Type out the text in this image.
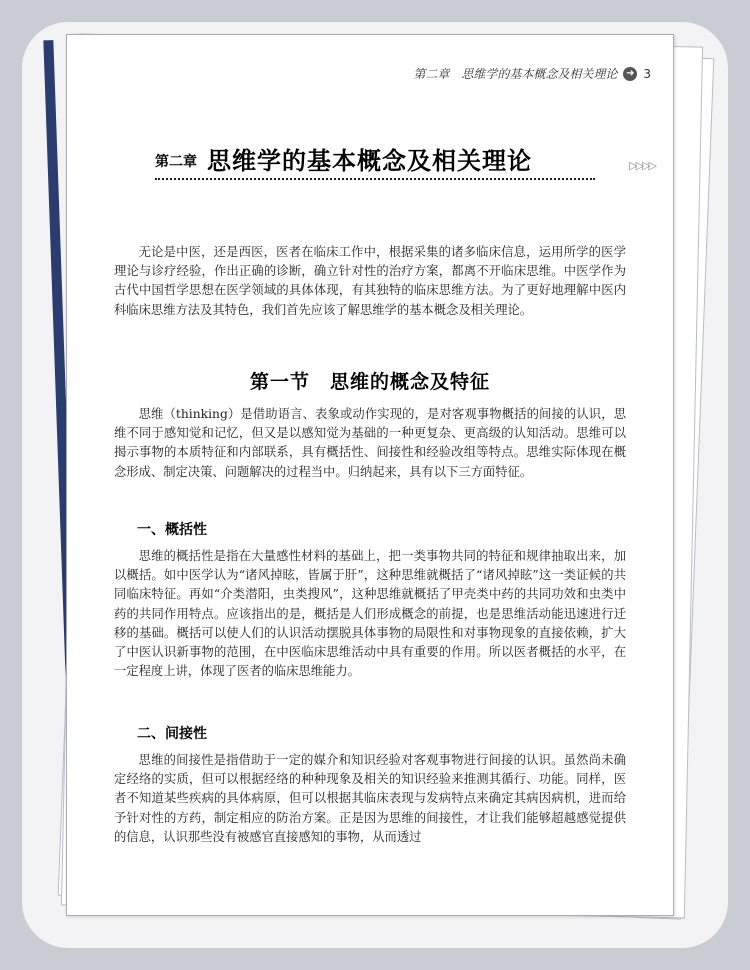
第二章　思维学的基本概念及相关理论 ➜ 3
第二章 思维学的基本概念及相关理论	▷▷▷▷
无论是中医，还是西医，医者在临床工作中，根据采集的诸多临床信息，运用所学的医学理论与诊疗经验，作出正确的诊断，确立针对性的治疗方案，都离不开临床思维。中医学作为古代中国哲学思想在医学领域的具体体现，有其独特的临床思维方法。为了更好地理解中医内科临床思维方法及其特色，我们首先应该了解思维学的基本概念及相关理论。
第一节　思维的概念及特征
思维（thinking）是借助语言、表象或动作实现的，是对客观事物概括的间接的认识，思维不同于感知觉和记忆，但又是以感知觉为基础的一种更复杂、更高级的认知活动。思维可以揭示事物的本质特征和内部联系，具有概括性、间接性和经验改组等特点。思维实际体现在概念形成、制定决策、问题解决的过程当中。归纳起来，具有以下三方面特征。
一、概括性
思维的概括性是指在大量感性材料的基础上，把一类事物共同的特征和规律抽取出来，加以概括。如中医学认为“诸风掉眩，皆属于肝”，这种思维就概括了“诸风掉眩”这一类证候的共同临床特征。再如“介类潜阳，虫类搜风”，这种思维就概括了甲壳类中药的共同功效和虫类中药的共同作用特点。应该指出的是，概括是人们形成概念的前提，也是思维活动能迅速进行迁移的基础。概括可以使人们的认识活动摆脱具体事物的局限性和对事物现象的直接依赖，扩大了中医认识新事物的范围，在中医临床思维活动中具有重要的作用。所以医者概括的水平，在一定程度上讲，体现了医者的临床思维能力。
二、间接性
思维的间接性是指借助于一定的媒介和知识经验对客观事物进行间接的认识。虽然尚未确定经络的实质，但可以根据经络的种种现象及相关的知识经验来推测其循行、功能。同样，医者不知道某些疾病的具体病原，但可以根据其临床表现与发病特点来确定其病因病机，进而给予针对性的方药，制定相应的防治方案。正是因为思维的间接性，才让我们能够超越感觉提供的信息，认识那些没有被感官直接感知的事物，从而透过
